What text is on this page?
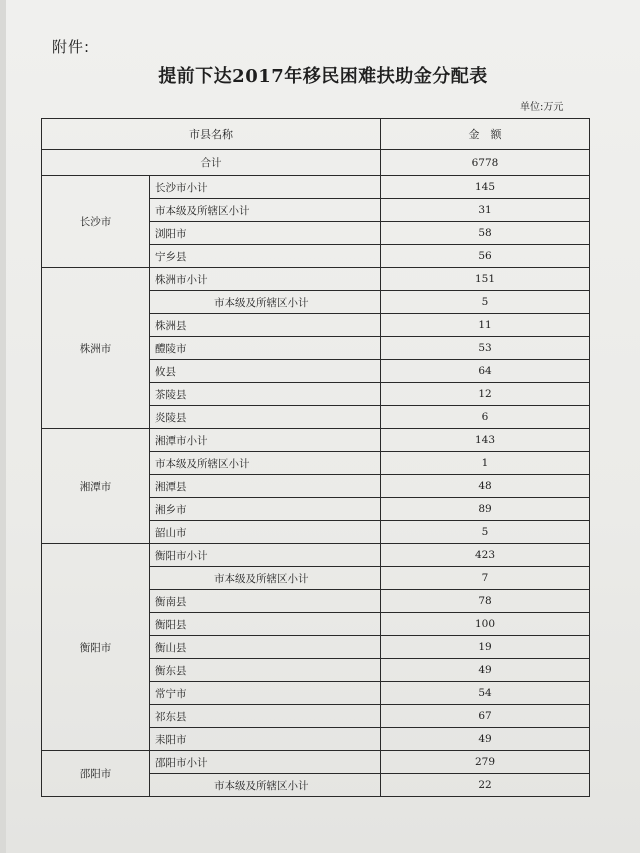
附件:
提前下达2017年移民困难扶助金分配表
单位:万元
市县名称		金　额
合计		6778
长沙市	长沙市小计	145
	市本级及所辖区小计	31
	浏阳市	58
	宁乡县	56
株洲市	株洲市小计	151
	市本级及所辖区小计	5
	株洲县	11
	醴陵市	53
	攸县	64
	茶陵县	12
	炎陵县	6
湘潭市	湘潭市小计	143
	市本级及所辖区小计	1
	湘潭县	48
	湘乡市	89
	韶山市	5
衡阳市	衡阳市小计	423
	市本级及所辖区小计	7
	衡南县	78
	衡阳县	100
	衡山县	19
	衡东县	49
	常宁市	54
	祁东县	67
	耒阳市	49
邵阳市	邵阳市小计	279
	市本级及所辖区小计	22
